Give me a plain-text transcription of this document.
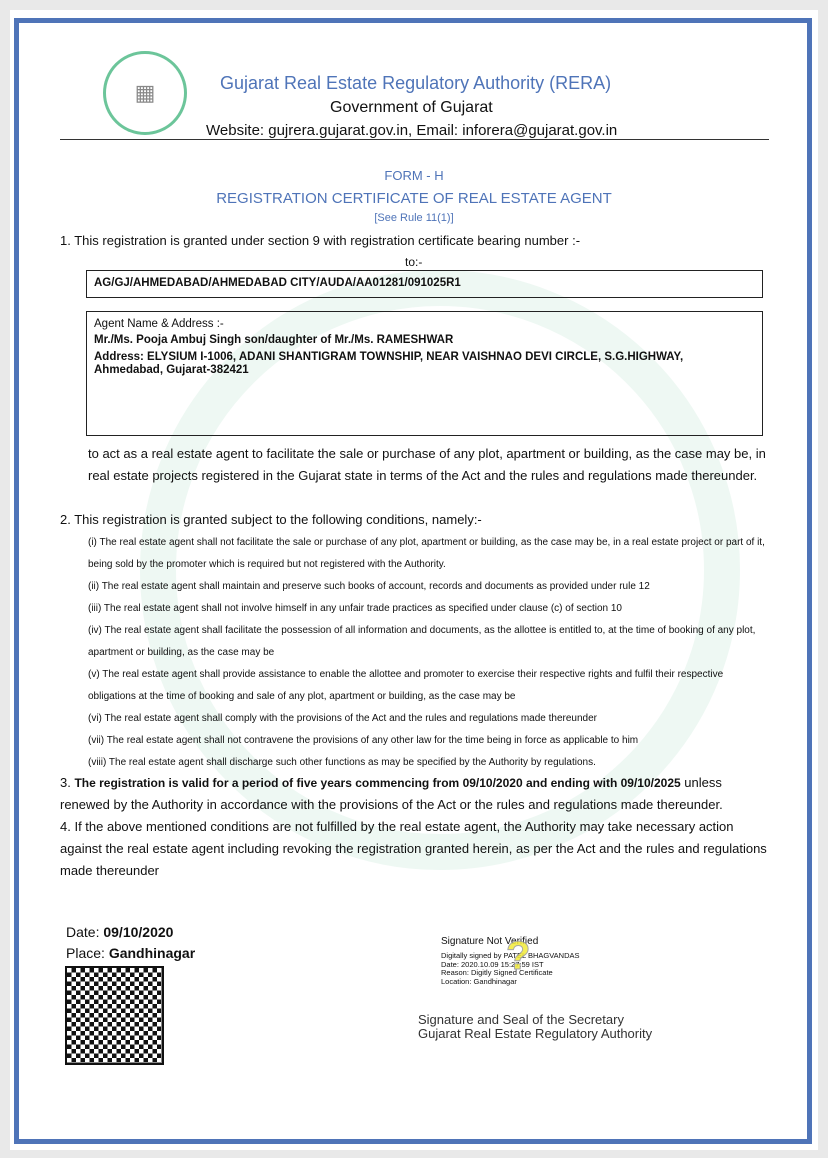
▦	Gujarat Real Estate Regulatory Authority (RERA)
Government of Gujarat
Website: gujrera.gujarat.gov.in, Email: inforera@gujarat.gov.in
FORM - H
REGISTRATION CERTIFICATE OF REAL ESTATE AGENT
[See Rule 11(1)]
1. This registration is granted under section 9 with registration certificate bearing number :-
to:-
AG/GJ/AHMEDABAD/AHMEDABAD CITY/AUDA/AA01281/091025R1
Agent Name & Address :-
Mr./Ms. Pooja Ambuj Singh son/daughter of Mr./Ms. RAMESHWAR
Address: ELYSIUM I-1006, ADANI SHANTIGRAM TOWNSHIP, NEAR VAISHNAO DEVI CIRCLE, S.G.HIGHWAY, Ahmedabad, Gujarat-382421
to act as a real estate agent to facilitate the sale or purchase of any plot, apartment or building, as the case may be, in real estate projects registered in the Gujarat state in terms of the Act and the rules and regulations made thereunder.
2. This registration is granted subject to the following conditions, namely:-
(i) The real estate agent shall not facilitate the sale or purchase of any plot, apartment or building, as the case may be, in a real estate project or part of it, being sold by the promoter which is required but not registered with the Authority.
(ii) The real estate agent shall maintain and preserve such books of account, records and documents as provided under rule 12
(iii) The real estate agent shall not involve himself in any unfair trade practices as specified under clause (c) of section 10
(iv) The real estate agent shall facilitate the possession of all information and documents, as the allottee is entitled to, at the time of booking of any plot, apartment or building, as the case may be
(v) The real estate agent shall provide assistance to enable the allottee and promoter to exercise their respective rights and fulfil their respective obligations at the time of booking and sale of any plot, apartment or building, as the case may be
(vi) The real estate agent shall comply with the provisions of the Act and the rules and regulations made thereunder
(vii) The real estate agent shall not contravene the provisions of any other law for the time being in force as applicable to him
(viii) The real estate agent shall discharge such other functions as may be specified by the Authority by regulations.
3. The registration is valid for a period of five years commencing from 09/10/2020 and ending with 09/10/2025 unless renewed by the Authority in accordance with the provisions of the Act or the rules and regulations made thereunder.
4. If the above mentioned conditions are not fulfilled by the real estate agent, the Authority may take necessary action against the real estate agent including revoking the registration granted herein, as per the Act and the rules and regulations made thereunder
Date: 09/10/2020
Place: Gandhinagar
Signature Not Verified
Digitally signed by PATEL BHAGVANDAS
Date: 2020.10.09 15:27:59 IST
Reason: Digitly Signed Certificate
Location: Gandhinagar
?
Signature and Seal of the Secretary
Gujarat Real Estate Regulatory Authority
